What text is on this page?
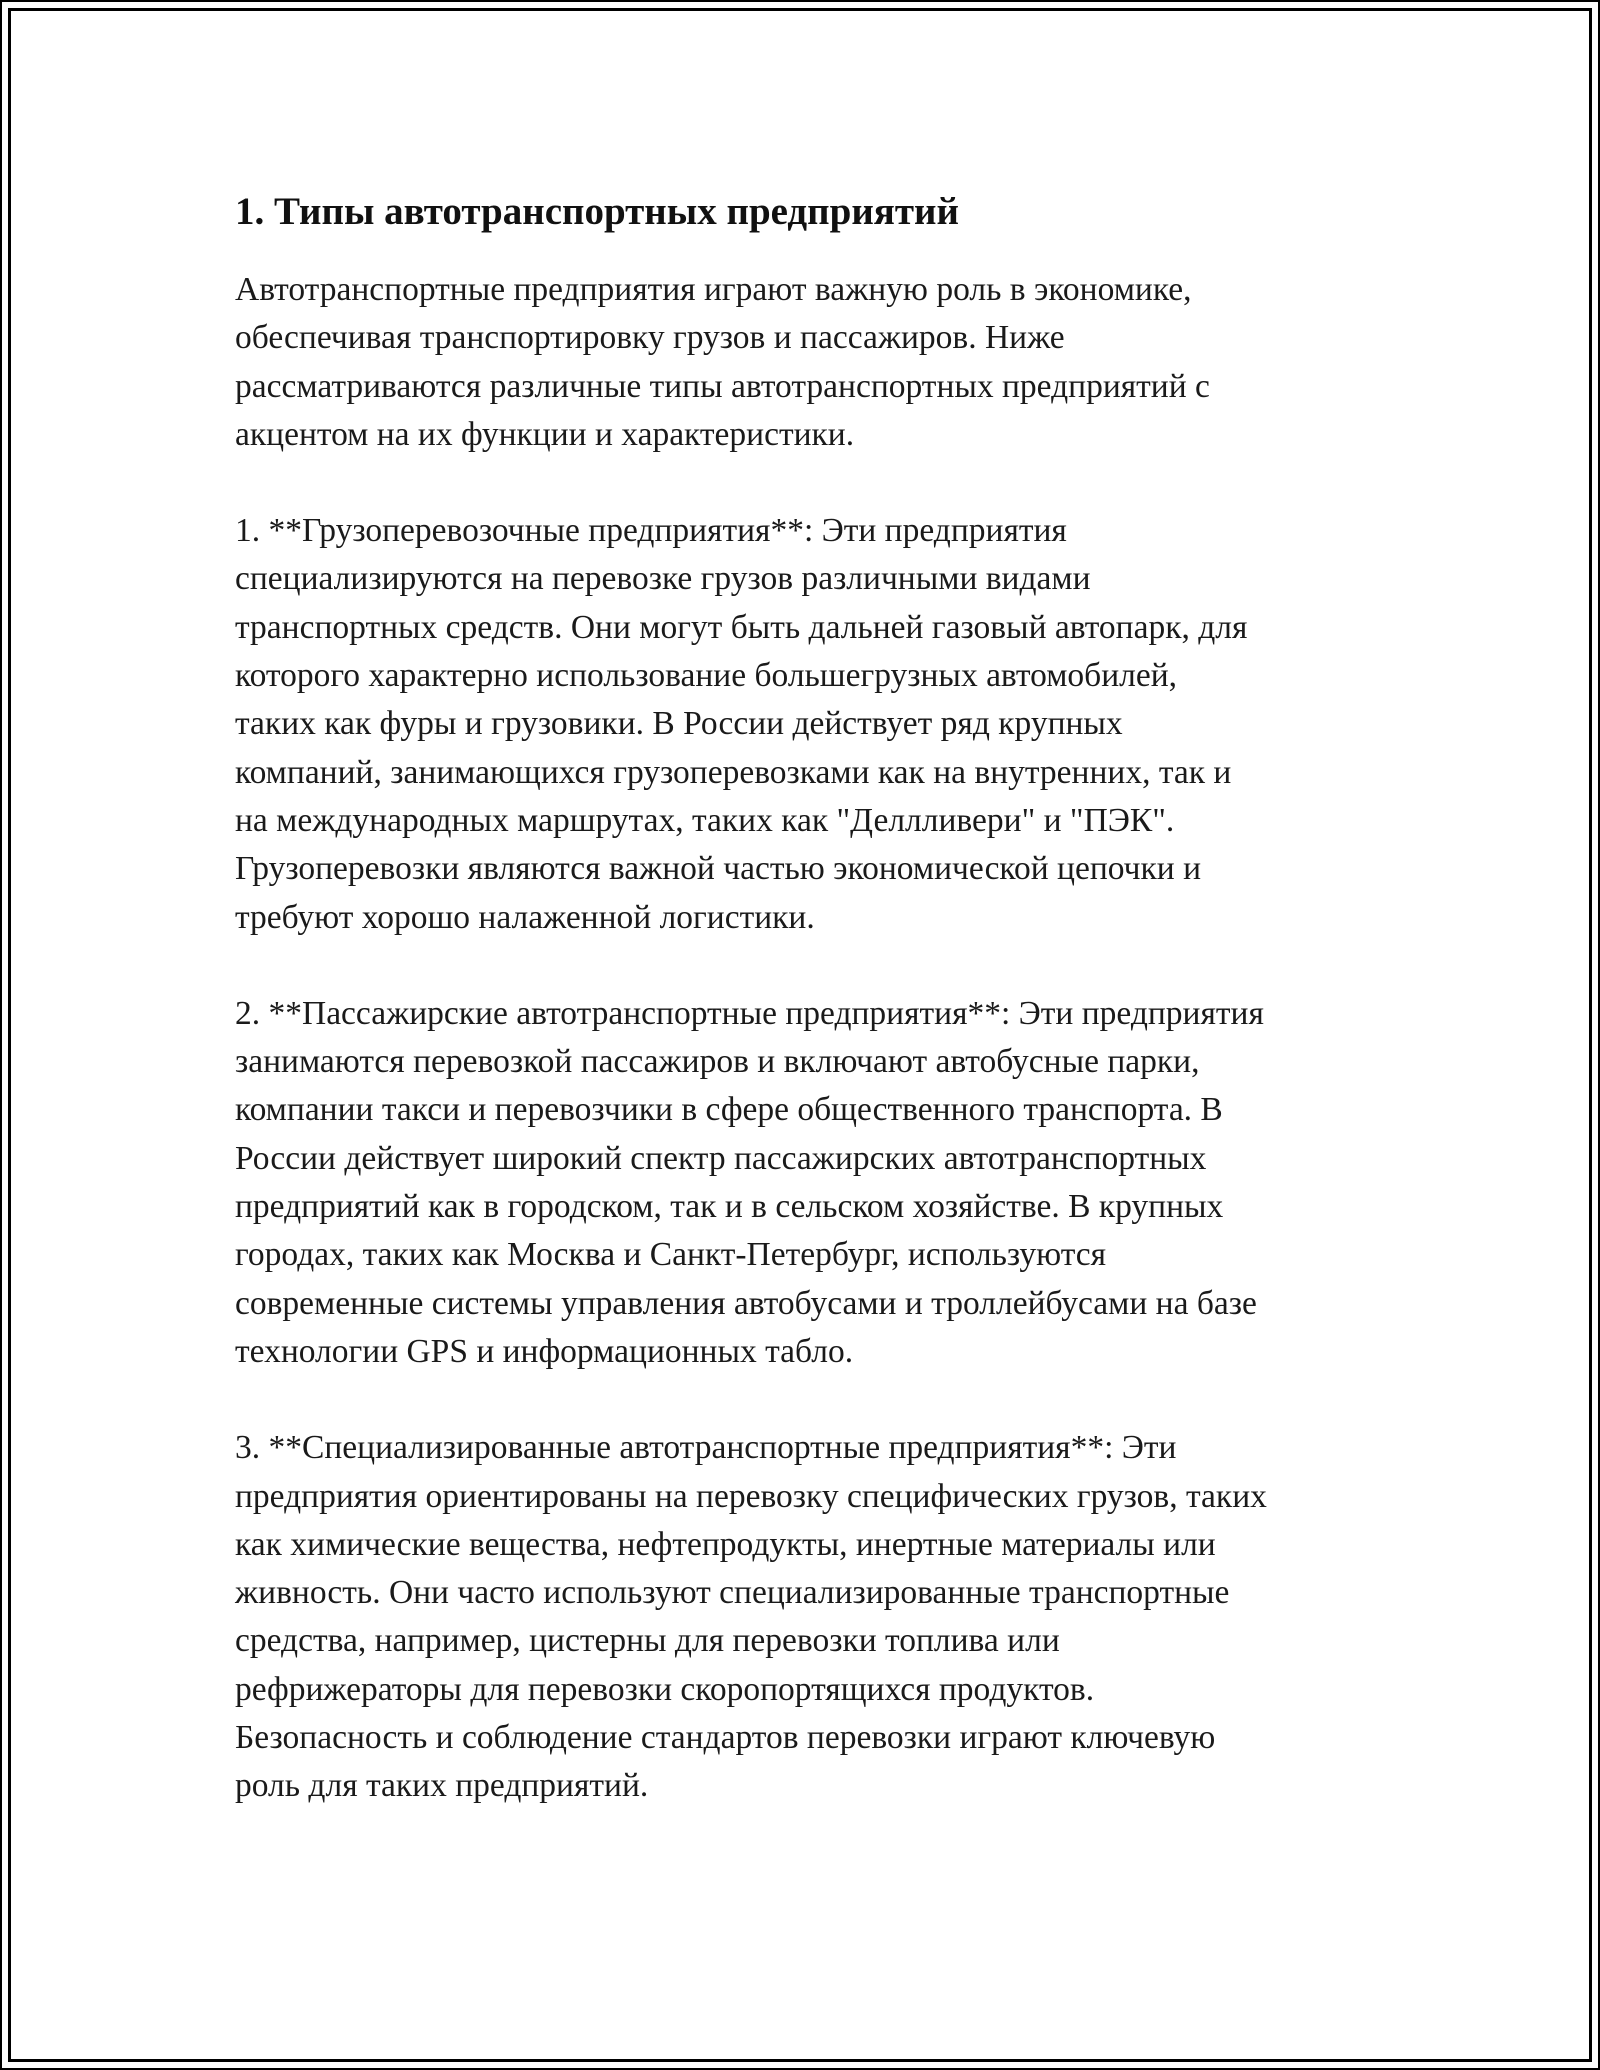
1. Типы автотранспортных предприятий

Автотранспортные предприятия играют важную роль в экономике,
обеспечивая транспортировку грузов и пассажиров. Ниже
рассматриваются различные типы автотранспортных предприятий с
акцентом на их функции и характеристики.

1. **Грузоперевозочные предприятия**: Эти предприятия
специализируются на перевозке грузов различными видами
транспортных средств. Они могут быть дальней газовый автопарк, для
которого характерно использование большегрузных автомобилей,
таких как фуры и грузовики. В России действует ряд крупных
компаний, занимающихся грузоперевозками как на внутренних, так и
на международных маршрутах, таких как "Деллливери" и "ПЭК".
Грузоперевозки являются важной частью экономической цепочки и
требуют хорошо налаженной логистики.

2. **Пассажирские автотранспортные предприятия**: Эти предприятия
занимаются перевозкой пассажиров и включают автобусные парки,
компании такси и перевозчики в сфере общественного транспорта. В
России действует широкий спектр пассажирских автотранспортных
предприятий как в городском, так и в сельском хозяйстве. В крупных
городах, таких как Москва и Санкт-Петербург, используются
современные системы управления автобусами и троллейбусами на базе
технологии GPS и информационных табло.

3. **Специализированные автотранспортные предприятия**: Эти
предприятия ориентированы на перевозку специфических грузов, таких
как химические вещества, нефтепродукты, инертные материалы или
живность. Они часто используют специализированные транспортные
средства, например, цистерны для перевозки топлива или
рефрижераторы для перевозки скоропортящихся продуктов.
Безопасность и соблюдение стандартов перевозки играют ключевую
роль для таких предприятий.
